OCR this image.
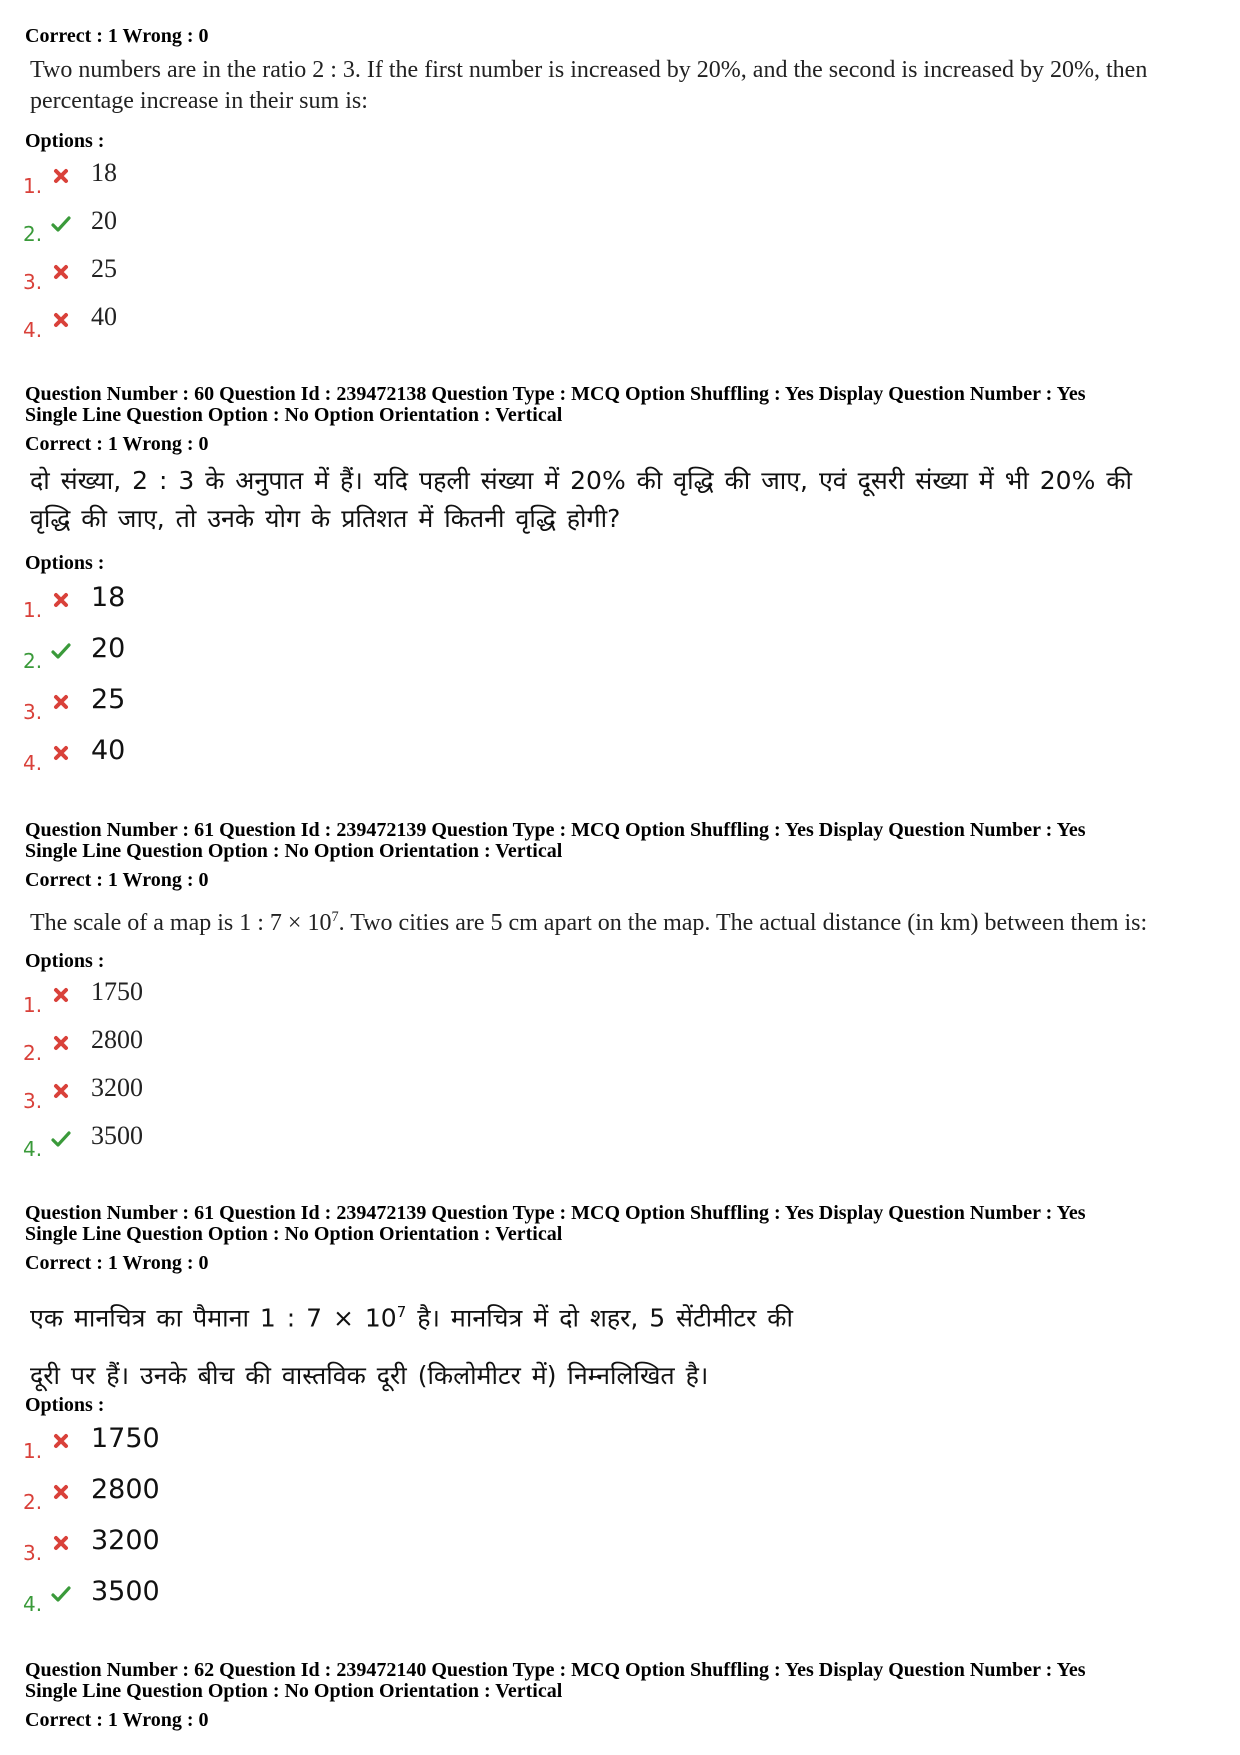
Correct : 1 Wrong : 0
Two numbers are in the ratio 2 : 3. If the first number is increased by 20%, and the second is increased by 20%, then
percentage increase in their sum is:
Options :
Question Number : 60 Question Id : 239472138 Question Type : MCQ Option Shuffling : Yes Display Question Number : Yes
Single Line Question Option : No Option Orientation : Vertical
Correct : 1 Wrong : 0
दो संख्या, 2 : 3 के अनुपात में हैं। यदि पहली संख्या में 20% की वृद्धि की जाए, एवं दूसरी संख्या में भी 20% की
वृद्धि की जाए, तो उनके योग के प्रतिशत में कितनी वृद्धि होगी?
Options :
Question Number : 61 Question Id : 239472139 Question Type : MCQ Option Shuffling : Yes Display Question Number : Yes
Single Line Question Option : No Option Orientation : Vertical
Correct : 1 Wrong : 0
The scale of a map is 1 : $7 \times 10^7$. Two cities are 5 cm apart on the map. The actual distance (in km) between them is:
Options :
Question Number : 61 Question Id : 239472139 Question Type : MCQ Option Shuffling : Yes Display Question Number : Yes
Single Line Question Option : No Option Orientation : Vertical
Correct : 1 Wrong : 0
एक मानचित्र का पैमाना 1 : $7 \times 10^7$ है। मानचित्र में दो शहर, 5 सेंटीमीटर की
दूरी पर हैं। उनके बीच की वास्तविक दूरी (किलोमीटर में) निम्नलिखित है।
Options :
Question Number : 62 Question Id : 239472140 Question Type : MCQ Option Shuffling : Yes Display Question Number : Yes
Single Line Question Option : No Option Orientation : Vertical
Correct : 1 Wrong : 0
1. 18
2. 20
3. 25
4. 40
1. 18
2. 20
3. 25
4. 40
1. 1750
2. 2800
3. 3200
4. 3500
1. 1750
2. 2800
3. 3200
4. 3500
